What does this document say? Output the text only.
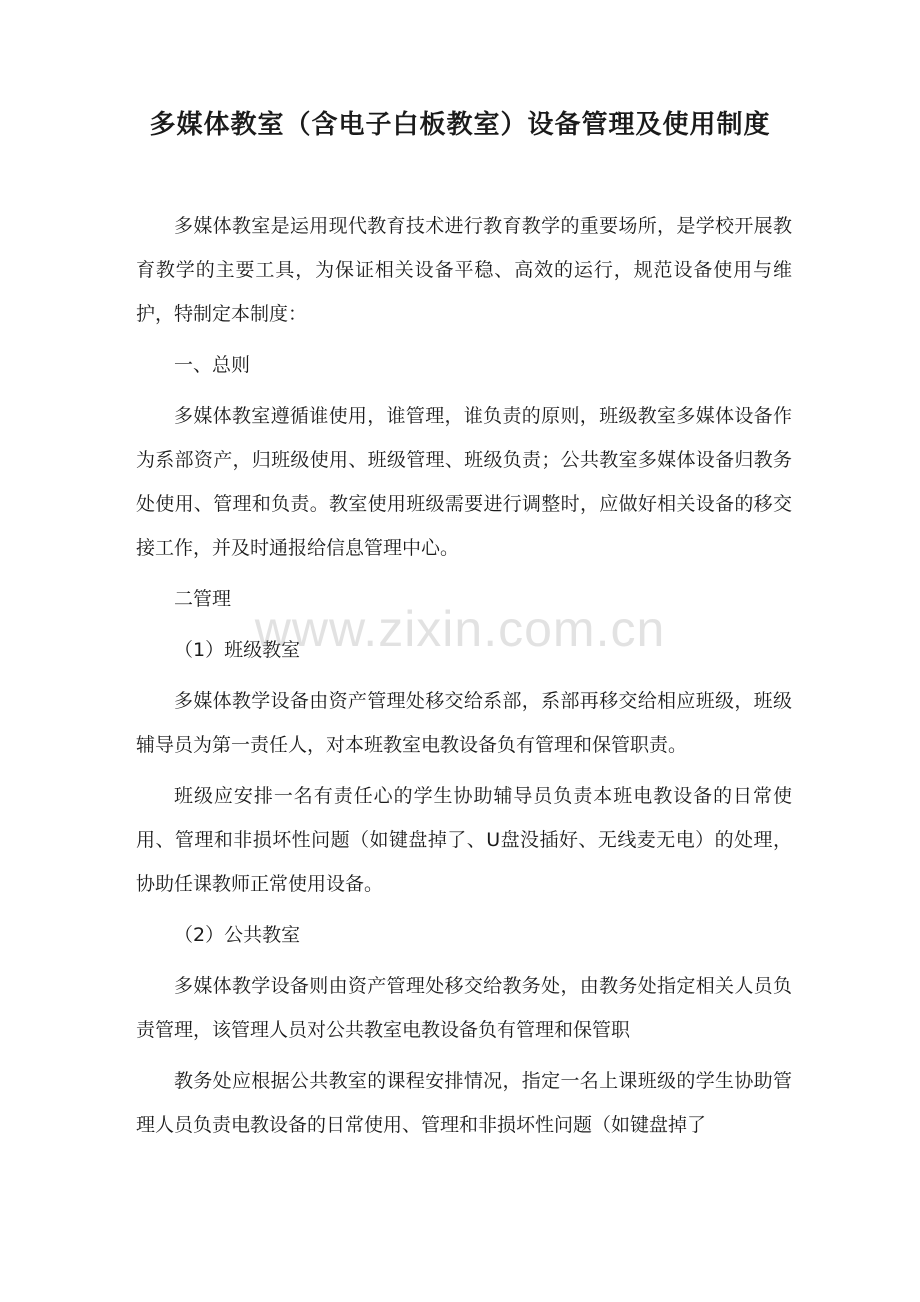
多媒体教室（含电子白板教室）设备管理及使用制度

多媒体教室是运用现代教育技术进行教育教学的重要场所，是学校开展教育教学的主要工具，为保证相关设备平稳、高效的运行，规范设备使用与维护，特制定本制度：

一、总则

多媒体教室遵循谁使用，谁管理，谁负责的原则，班级教室多媒体设备作为系部资产，归班级使用、班级管理、班级负责；公共教室多媒体设备归教务处使用、管理和负责。教室使用班级需要进行调整时，应做好相关设备的移交接工作，并及时通报给信息管理中心。

二管理

（1）班级教室

多媒体教学设备由资产管理处移交给系部，系部再移交给相应班级，班级辅导员为第一责任人，对本班教室电教设备负有管理和保管职责。

班级应安排一名有责任心的学生协助辅导员负责本班电教设备的日常使用、管理和非损坏性问题（如键盘掉了、U盘没插好、无线麦无电）的处理，协助任课教师正常使用设备。

（2）公共教室

多媒体教学设备则由资产管理处移交给教务处，由教务处指定相关人员负责管理，该管理人员对公共教室电教设备负有管理和保管职

教务处应根据公共教室的课程安排情况，指定一名上课班级的学生协助管理人员负责电教设备的日常使用、管理和非损坏性问题（如键盘掉了

www.zixin.com.cn
